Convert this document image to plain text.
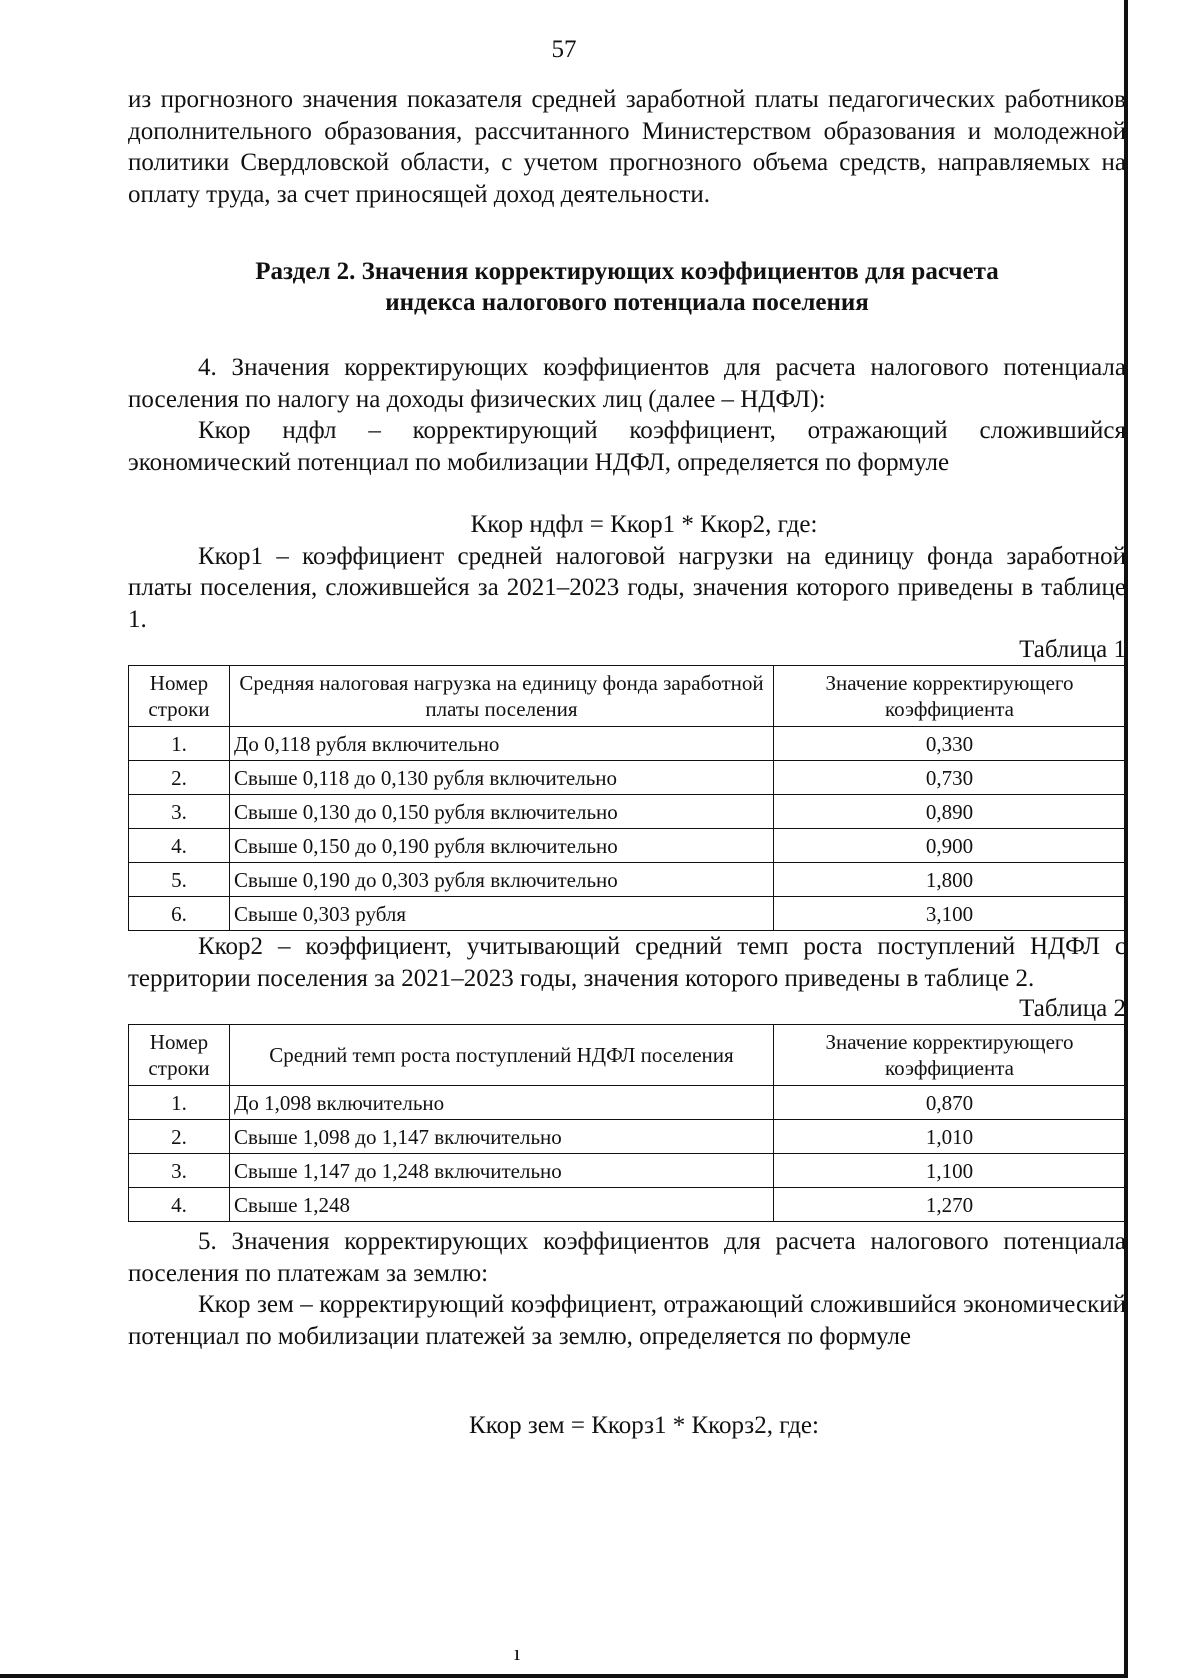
57

из прогнозного значения показателя средней заработной платы педагогических работников дополнительного образования, рассчитанного Министерством образования и молодежной политики Свердловской области, с учетом прогнозного объема средств, направляемых на оплату труда, за счет приносящей доход деятельности.

Раздел 2. Значения корректирующих коэффициентов для расчета
индекса налогового потенциала поселения

4. Значения корректирующих коэффициентов для расчета налогового потенциала поселения по налогу на доходы физических лиц (далее – НДФЛ):

Ккор ндфл – корректирующий коэффициент, отражающий сложившийся экономический потенциал по мобилизации НДФЛ, определяется по формуле

Ккор ндфл = Ккор1 * Ккор2, где:

Ккор1 – коэффициент средней налоговой нагрузки на единицу фонда заработной платы поселения, сложившейся за 2021–2023 годы, значения которого приведены в таблице 1.

Таблица 1

Номер строки	Средняя налоговая нагрузка на единицу фонда заработной платы поселения	Значение корректирующего коэффициента
1.	До 0,118 рубля включительно	0,330
2.	Свыше 0,118 до 0,130 рубля включительно	0,730
3.	Свыше 0,130 до 0,150 рубля включительно	0,890
4.	Свыше 0,150 до 0,190 рубля включительно	0,900
5.	Свыше 0,190 до 0,303 рубля включительно	1,800
6.	Свыше 0,303 рубля	3,100

Ккор2 – коэффициент, учитывающий средний темп роста поступлений НДФЛ с территории поселения за 2021–2023 годы, значения которого приведены в таблице 2.

Таблица 2

Номер строки	Средний темп роста поступлений НДФЛ поселения	Значение корректирующего коэффициента
1.	До 1,098 включительно	0,870
2.	Свыше 1,098 до 1,147 включительно	1,010
3.	Свыше 1,147 до 1,248 включительно	1,100
4.	Свыше 1,248	1,270

5. Значения корректирующих коэффициентов для расчета налогового потенциала поселения по платежам за землю:

Ккор зем – корректирующий коэффициент, отражающий сложившийся экономический потенциал по мобилизации платежей за землю, определяется по формуле

Ккор зем = Ккорз1 * Ккорз2, где:

ı
